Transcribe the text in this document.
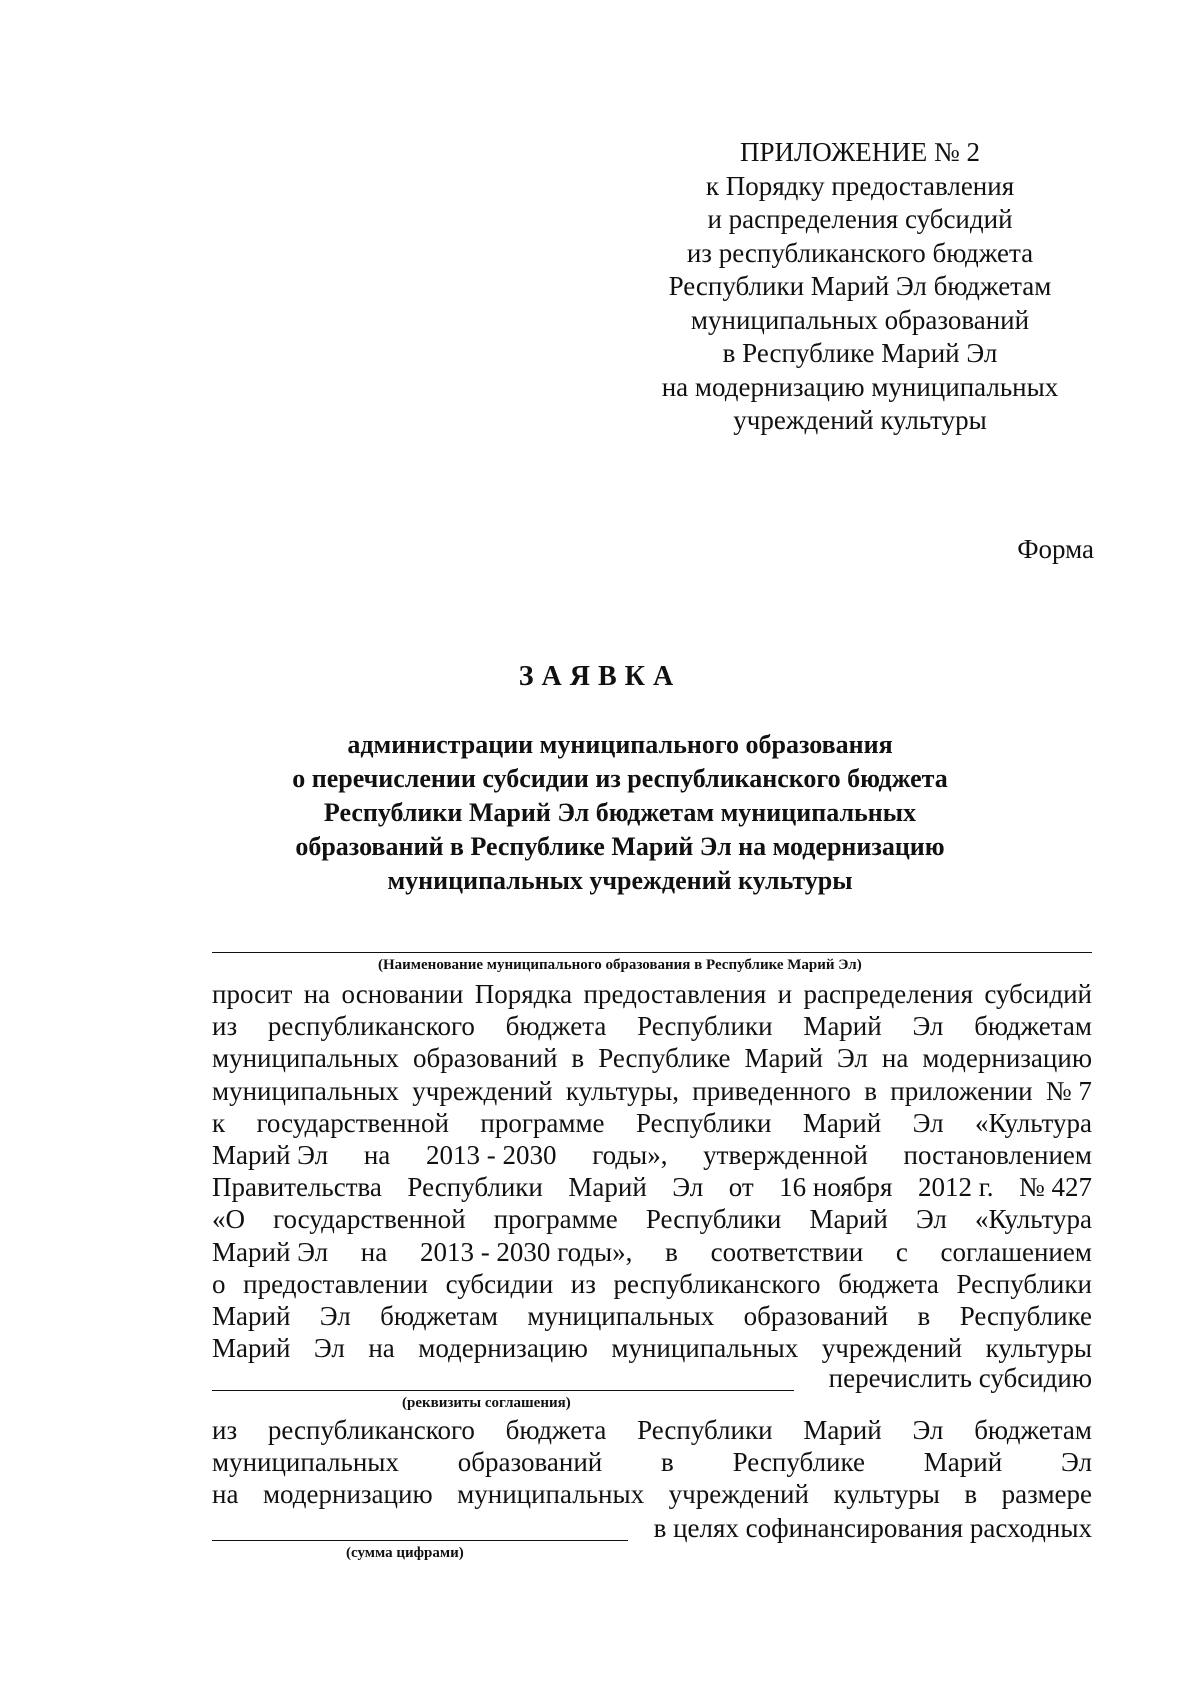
ПРИЛОЖЕНИЕ № 2
к Порядку предоставления
и распределения субсидий
из республиканского бюджета
Республики Марий Эл бюджетам
муниципальных образований
в Республике Марий Эл
на модернизацию муниципальных
учреждений культуры
Форма
ЗАЯВКА
администрации муниципального образования
о перечислении субсидии из республиканского бюджета
Республики Марий Эл бюджетам муниципальных
образований в Республике Марий Эл на модернизацию
муниципальных учреждений культуры
(Наименование муниципального образования в Республике Марий Эл)
просит на основании Порядка предоставления и распределения субсидий
из республиканского бюджета Республики Марий Эл бюджетам
муниципальных образований в Республике Марий Эл на модернизацию
муниципальных учреждений культуры, приведенного в приложении № 7
к государственной программе Республики Марий Эл «Культура
Марий Эл на 2013 - 2030 годы», утвержденной постановлением
Правительства Республики Марий Эл от 16 ноября 2012 г. № 427
«О государственной программе Республики Марий Эл «Культура
Марий Эл на 2013 - 2030 годы», в соответствии с соглашением
о предоставлении субсидии из республиканского бюджета Республики
Марий Эл бюджетам муниципальных образований в Республике
Марий Эл на модернизацию муниципальных учреждений культуры
перечислить субсидию
(реквизиты соглашения)
из республиканского бюджета Республики Марий Эл бюджетам
муниципальных образований в Республике Марий Эл
на модернизацию муниципальных учреждений культуры в размере
в целях софинансирования расходных
(сумма цифрами)
